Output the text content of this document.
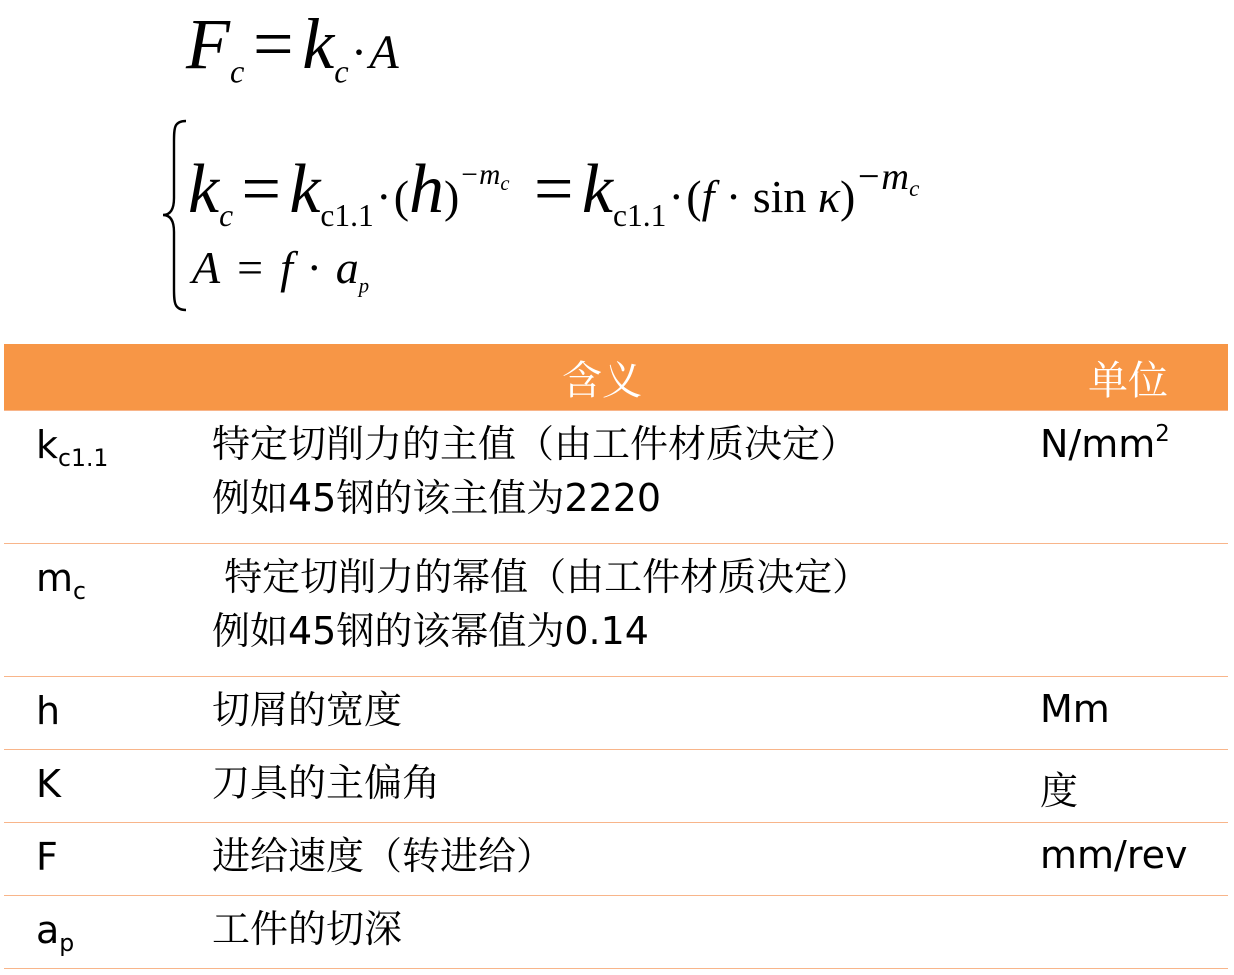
$F_c = k_c\cdot A$
$k_c = k_{c1.1}\cdot(h)^{-m_c} = k_{c1.1}\cdot(f \cdot \sin \kappa)^{-mc}$
$A = f \cdot a_p$
	含义	单位
$k_{c1.1}$	特定切削力的主值（由工件材质决定）
例如45钢的该主值为2220	$N/mm^2$
$m_c$	特定切削力的幂值（由工件材质决定）
例如45钢的该幂值为0.14	

h	切屑的宽度	Mm
K	刀具的主偏角	度
F	进给速度（转进给）	mm/rev
$a_p$	工件的切深	
